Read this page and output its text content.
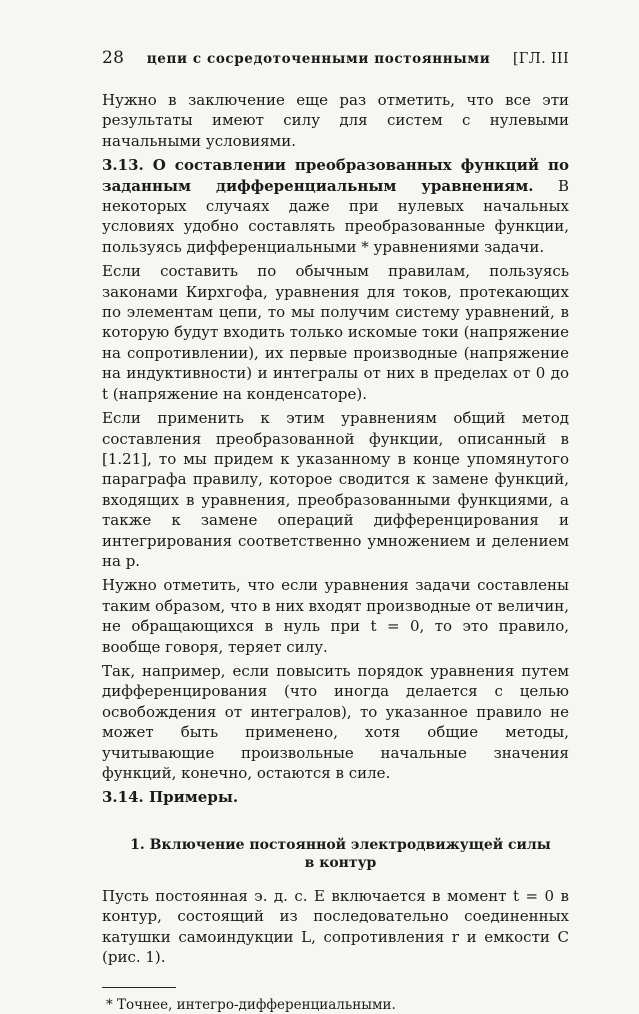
28 цепи с сосредоточенными постоянными [ГЛ. III

Нужно в заключение еще раз отметить, что все эти результаты имеют силу для систем с нулевыми начальными условиями.

3.13. О составлении преобразованных функций по заданным дифференциальным уравнениям. В некоторых случаях даже при нулевых начальных условиях удобно составлять преобразованные функции, пользуясь дифференциальными * уравнениями задачи.

Если составить по обычным правилам, пользуясь законами Кирхгофа, уравнения для токов, протекающих по элементам цепи, то мы получим систему уравнений, в которую будут входить только искомые токи (напряжение на сопротивлении), их первые производные (напряжение на индуктивности) и интегралы от них в пределах от 0 до t (напряжение на конденсаторе).

Если применить к этим уравнениям общий метод составления преобразованной функции, описанный в [1.21], то мы придем к указанному в конце упомянутого параграфа правилу, которое сводится к замене функций, входящих в уравнения, преобразованными функциями, а также к замене операций дифференцирования и интегрирования соответственно умножением и делением на p.

Нужно отметить, что если уравнения задачи составлены таким образом, что в них входят производные от величин, не обращающихся в нуль при t = 0, то это правило, вообще говоря, теряет силу.

Так, например, если повысить порядок уравнения путем дифференцирования (что иногда делается с целью освобождения от интегралов), то указанное правило не может быть применено, хотя общие методы, учитывающие произвольные начальные значения функций, конечно, остаются в силе.

3.14. Примеры.

1. Включение постоянной электродвижущей силы
в контур

Пусть постоянная э. д. с. E включается в момент t = 0 в контур, состоящий из последовательно соединенных катушки самоиндукции L, сопротивления r и емкости C (рис. 1).

* Точнее, интегро-дифференциальными.
